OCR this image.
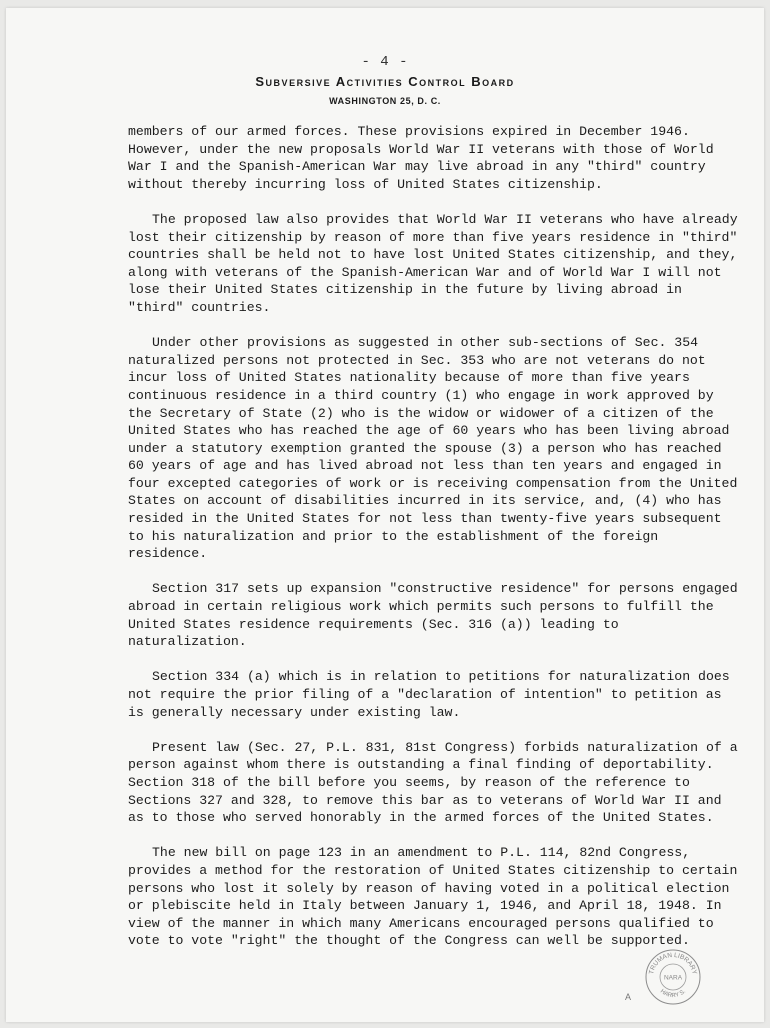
- 4 -
Subversive Activities Control Board
WASHINGTON 25, D. C.

members of our armed forces. These provisions expired in December 1946. However, under the new proposals World War II veterans with those of World War I and the Spanish-American War may live abroad in any "third" country without thereby incurring loss of United States citizenship.

The proposed law also provides that World War II veterans who have already lost their citizenship by reason of more than five years residence in "third" countries shall be held not to have lost United States citizenship, and they, along with veterans of the Spanish-American War and of World War I will not lose their United States citizenship in the future by living abroad in "third" countries.

Under other provisions as suggested in other sub-sections of Sec. 354 naturalized persons not protected in Sec. 353 who are not veterans do not incur loss of United States nationality because of more than five years continuous residence in a third country (1) who engage in work approved by the Secretary of State (2) who is the widow or widower of a citizen of the United States who has reached the age of 60 years who has been living abroad under a statutory exemption granted the spouse (3) a person who has reached 60 years of age and has lived abroad not less than ten years and engaged in four excepted categories of work or is receiving compensation from the United States on account of disabilities incurred in its service, and, (4) who has resided in the United States for not less than twenty-five years subsequent to his naturalization and prior to the establishment of the foreign residence.

Section 317 sets up expansion "constructive residence" for persons engaged abroad in certain religious work which permits such persons to fulfill the United States residence requirements (Sec. 316 (a)) leading to naturalization.

Section 334 (a) which is in relation to petitions for naturalization does not require the prior filing of a "declaration of intention" to petition as is generally necessary under existing law.

Present law (Sec. 27, P.L. 831, 81st Congress) forbids naturalization of a person against whom there is outstanding a final finding of deportability. Section 318 of the bill before you seems, by reason of the reference to Sections 327 and 328, to remove this bar as to veterans of World War II and as to those who served honorably in the armed forces of the United States.

The new bill on page 123 in an amendment to P.L. 114, 82nd Congress, provides a method for the restoration of United States citizenship to certain persons who lost it solely by reason of having voted in a political election or plebiscite held in Italy between January 1, 1946, and April 18, 1948. In view of the manner in which many Americans encouraged persons qualified to vote to vote "right" the thought of the Congress can well be supported.

A
TRUMAN LIBRARY
HARRY S.
NARA
